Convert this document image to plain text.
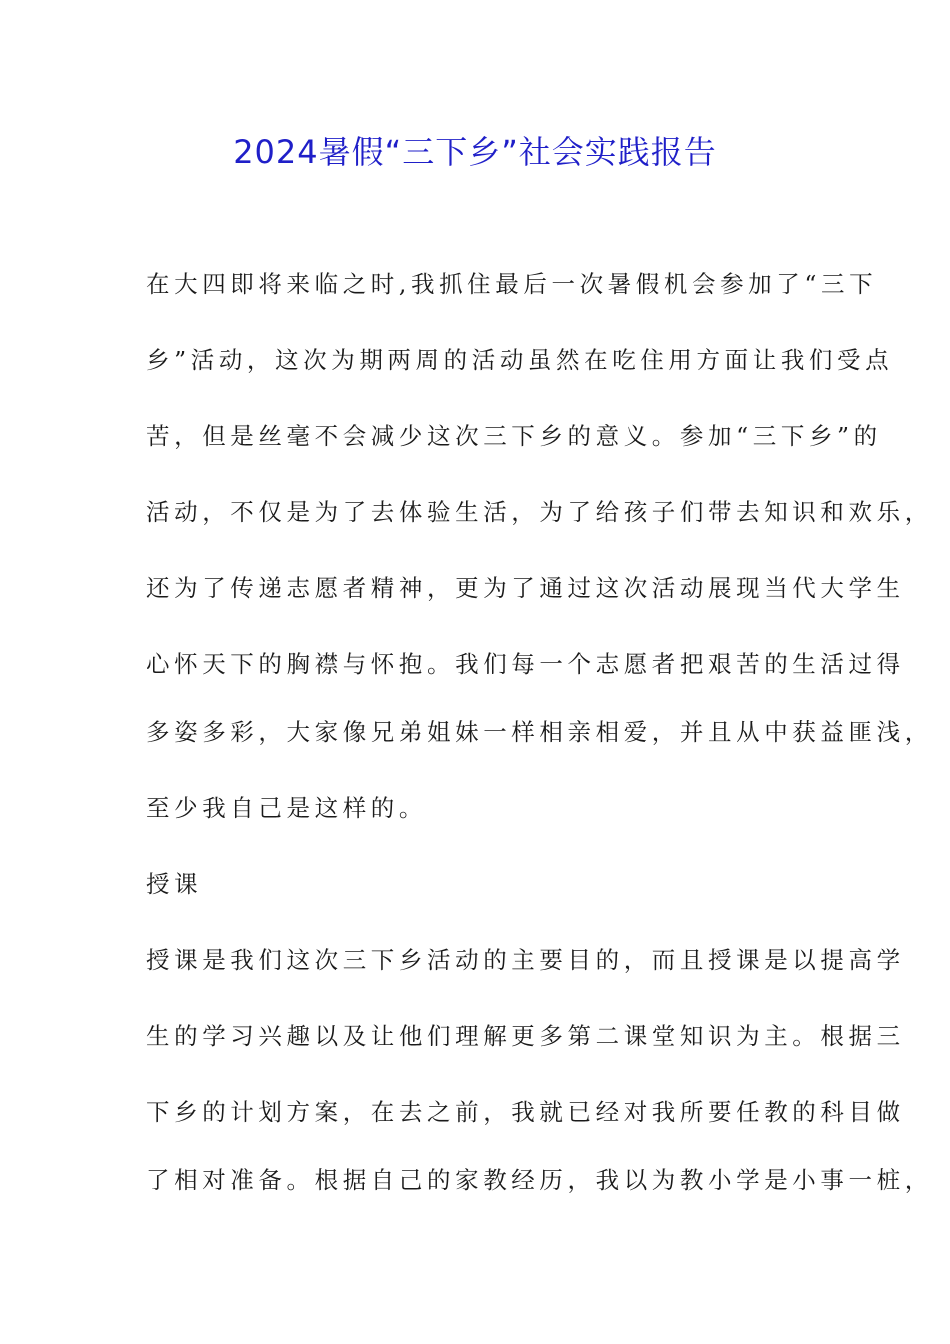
2024暑假“三下乡”社会实践报告
在大四即将来临之时,我抓住最后一次暑假机会参加了“三下
乡”活动，这次为期两周的活动虽然在吃住用方面让我们受点
苦，但是丝毫不会减少这次三下乡的意义。参加“三下乡”的
活动，不仅是为了去体验生活，为了给孩子们带去知识和欢乐，
还为了传递志愿者精神，更为了通过这次活动展现当代大学生
心怀天下的胸襟与怀抱。我们每一个志愿者把艰苦的生活过得
多姿多彩，大家像兄弟姐妹一样相亲相爱，并且从中获益匪浅，
至少我自己是这样的。
授课
授课是我们这次三下乡活动的主要目的，而且授课是以提高学
生的学习兴趣以及让他们理解更多第二课堂知识为主。根据三
下乡的计划方案，在去之前，我就已经对我所要任教的科目做
了相对准备。根据自己的家教经历，我以为教小学是小事一桩，
